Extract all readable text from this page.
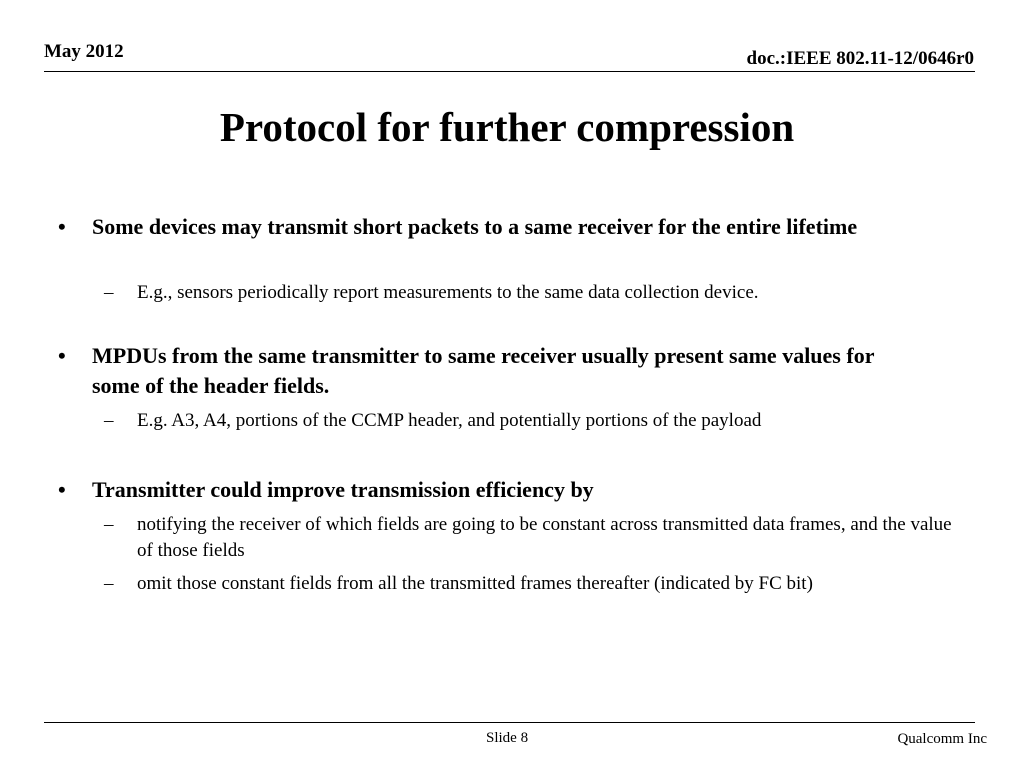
May 2012	doc.:IEEE 802.11-12/0646r0
Protocol for further compression
• Some devices may transmit short packets to a same receiver for the entire lifetime
– E.g., sensors periodically report measurements to the same data collection device.
• MPDUs from the same transmitter to same receiver usually present same values for some of the header fields.
– E.g. A3, A4, portions of the CCMP header, and potentially portions of the payload
• Transmitter could improve transmission efficiency by
– notifying the receiver of which fields are going to be constant across transmitted data frames, and the value of those fields
– omit those constant fields from all the transmitted frames thereafter (indicated by FC bit)
Slide 8	Qualcomm Inc
